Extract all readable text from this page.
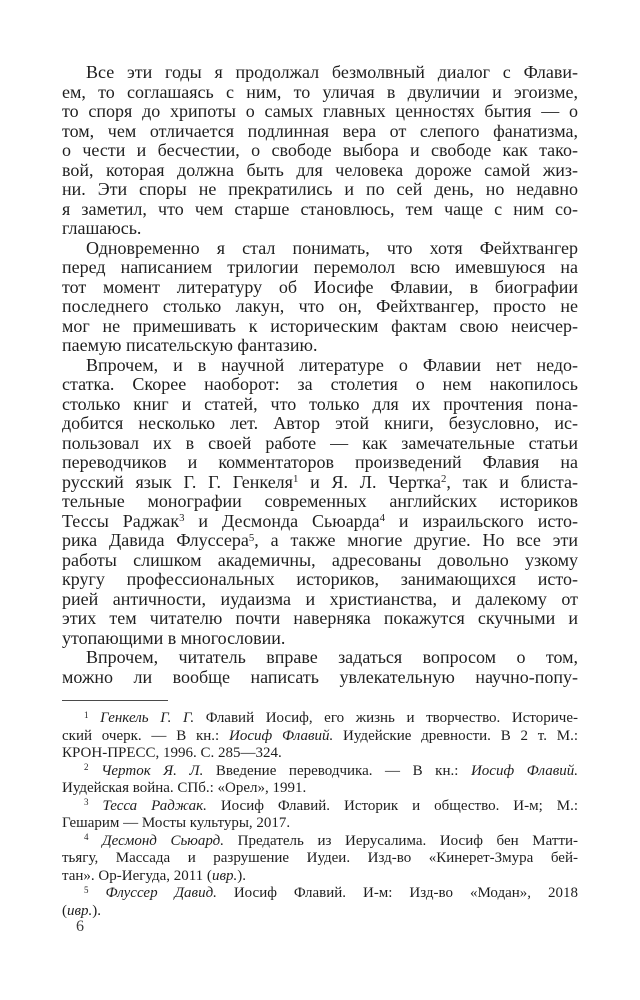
Все эти годы я продолжал безмолвный диалог с Флави-
ем, то соглашаясь с ним, то уличая в двуличии и эгоизме,
то споря до хрипоты о самых главных ценностях бытия — о
том, чем отличается подлинная вера от слепого фанатизма,
о чести и бесчестии, о свободе выбора и свободе как тако-
вой, которая должна быть для человека дороже самой жиз-
ни. Эти споры не прекратились и по сей день, но недавно
я заметил, что чем старше становлюсь, тем чаще с ним со-
глашаюсь.
Одновременно я стал понимать, что хотя Фейхтвангер
перед написанием трилогии перемолол всю имевшуюся на
тот момент литературу об Иосифе Флавии, в биографии
последнего столько лакун, что он, Фейхтвангер, просто не
мог не примешивать к историческим фактам свою неисчер-
паемую писательскую фантазию.
Впрочем, и в научной литературе о Флавии нет недо-
статка. Скорее наоборот: за столетия о нем накопилось
столько книг и статей, что только для их прочтения пона-
добится несколько лет. Автор этой книги, безусловно, ис-
пользовал их в своей работе — как замечательные статьи
переводчиков и комментаторов произведений Флавия на
русский язык Г. Г. Генкеля$^1$ и Я. Л. Чертка$^2$, так и блиста-
тельные монографии современных английских историков
Тессы Раджак$^3$ и Десмонда Сьюарда$^4$ и израильского исто-
рика Давида Флуссера$^5$, а также многие другие. Но все эти
работы слишком академичны, адресованы довольно узкому
кругу профессиональных историков, занимающихся исто-
рией античности, иудаизма и христианства, и далекому от
этих тем читателю почти наверняка покажутся скучными и
утопающими в многословии.
Впрочем, читатель вправе задаться вопросом о том,
можно ли вообще написать увлекательную научно-попу-
$^1$ Генкель Г. Г. Флавий Иосиф, его жизнь и творчество. Историче-
ский очерк. — В кн.: Иосиф Флавий. Иудейские древности. В 2 т. М.:
КРОН-ПРЕСС, 1996. С. 285—324.
$^2$ Черток Я. Л. Введение переводчика. — В кн.: Иосиф Флавий.
Иудейская война. СПб.: «Орел», 1991.
$^3$ Тесса Раджак. Иосиф Флавий. Историк и общество. И-м; М.:
Гешарим — Мосты культуры, 2017.
$^4$ Десмонд Сьюард. Предатель из Иерусалима. Иосиф бен Матти-
тьягу, Массада и разрушение Иудеи. Изд-во «Кинерет-Змура бей-
тан». Ор-Иегуда, 2011 (ивр.).
$^5$ Флуссер Давид. Иосиф Флавий. И-м: Изд-во «Модан», 2018
(ивр.).
6
